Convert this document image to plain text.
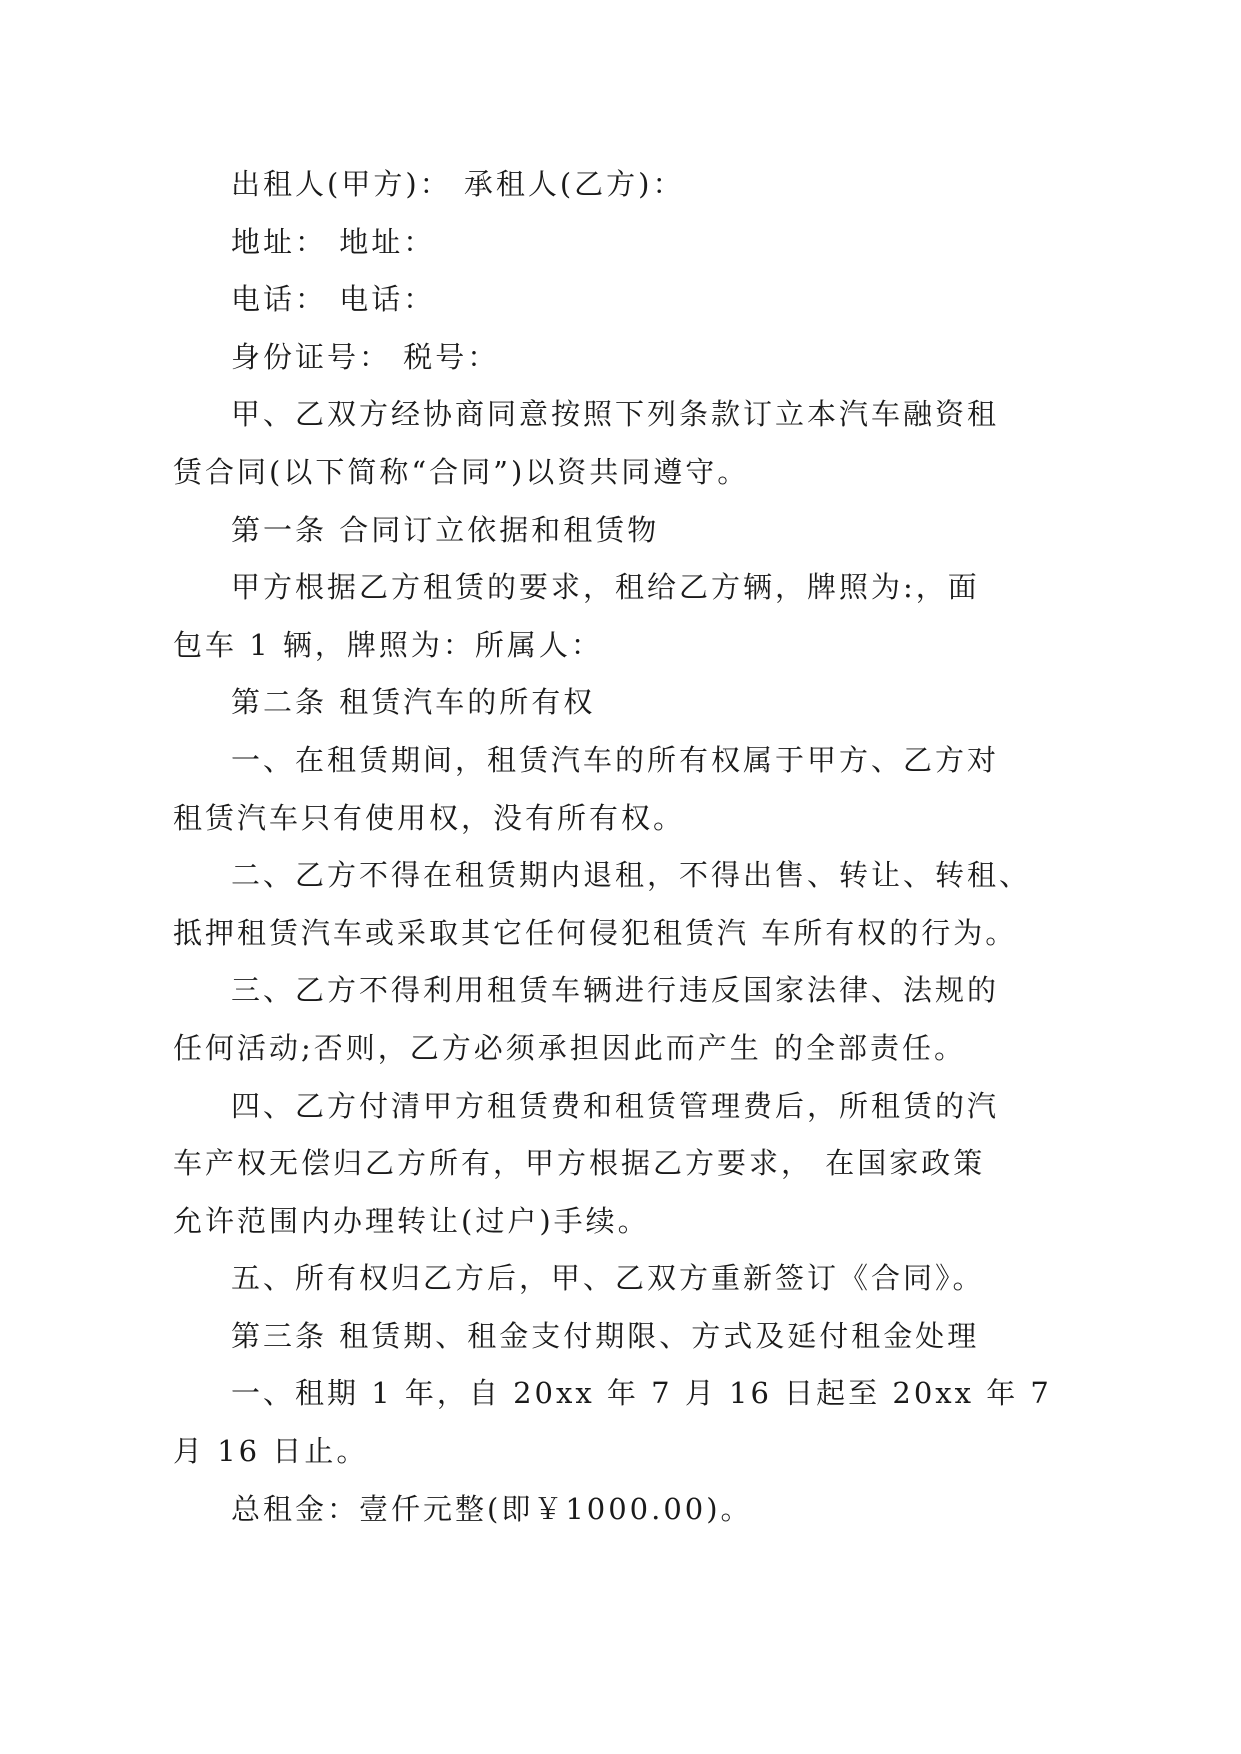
出租人(甲方)： 承租人(乙方)：
地址： 地址：
电话： 电话：
身份证号： 税号：
甲、乙双方经协商同意按照下列条款订立本汽车融资租
赁合同(以下简称“合同”)以资共同遵守。
第一条 合同订立依据和租赁物
甲方根据乙方租赁的要求，租给乙方辆，牌照为:，面
包车 1 辆，牌照为：所属人：
第二条 租赁汽车的所有权
一、在租赁期间，租赁汽车的所有权属于甲方、乙方对
租赁汽车只有使用权，没有所有权。
二、乙方不得在租赁期内退租，不得出售、转让、转租、
抵押租赁汽车或采取其它任何侵犯租赁汽 车所有权的行为。
三、乙方不得利用租赁车辆进行违反国家法律、法规的
任何活动;否则，乙方必须承担因此而产生 的全部责任。
四、乙方付清甲方租赁费和租赁管理费后，所租赁的汽
车产权无偿归乙方所有，甲方根据乙方要求， 在国家政策
允许范围内办理转让(过户)手续。
五、所有权归乙方后，甲、乙双方重新签订《合同》。
第三条 租赁期、租金支付期限、方式及延付租金处理
一、租期 1 年，自 20xx 年 7 月 16 日起至 20xx 年 7
月 16 日止。
总租金：壹仟元整(即￥1000.00)。
